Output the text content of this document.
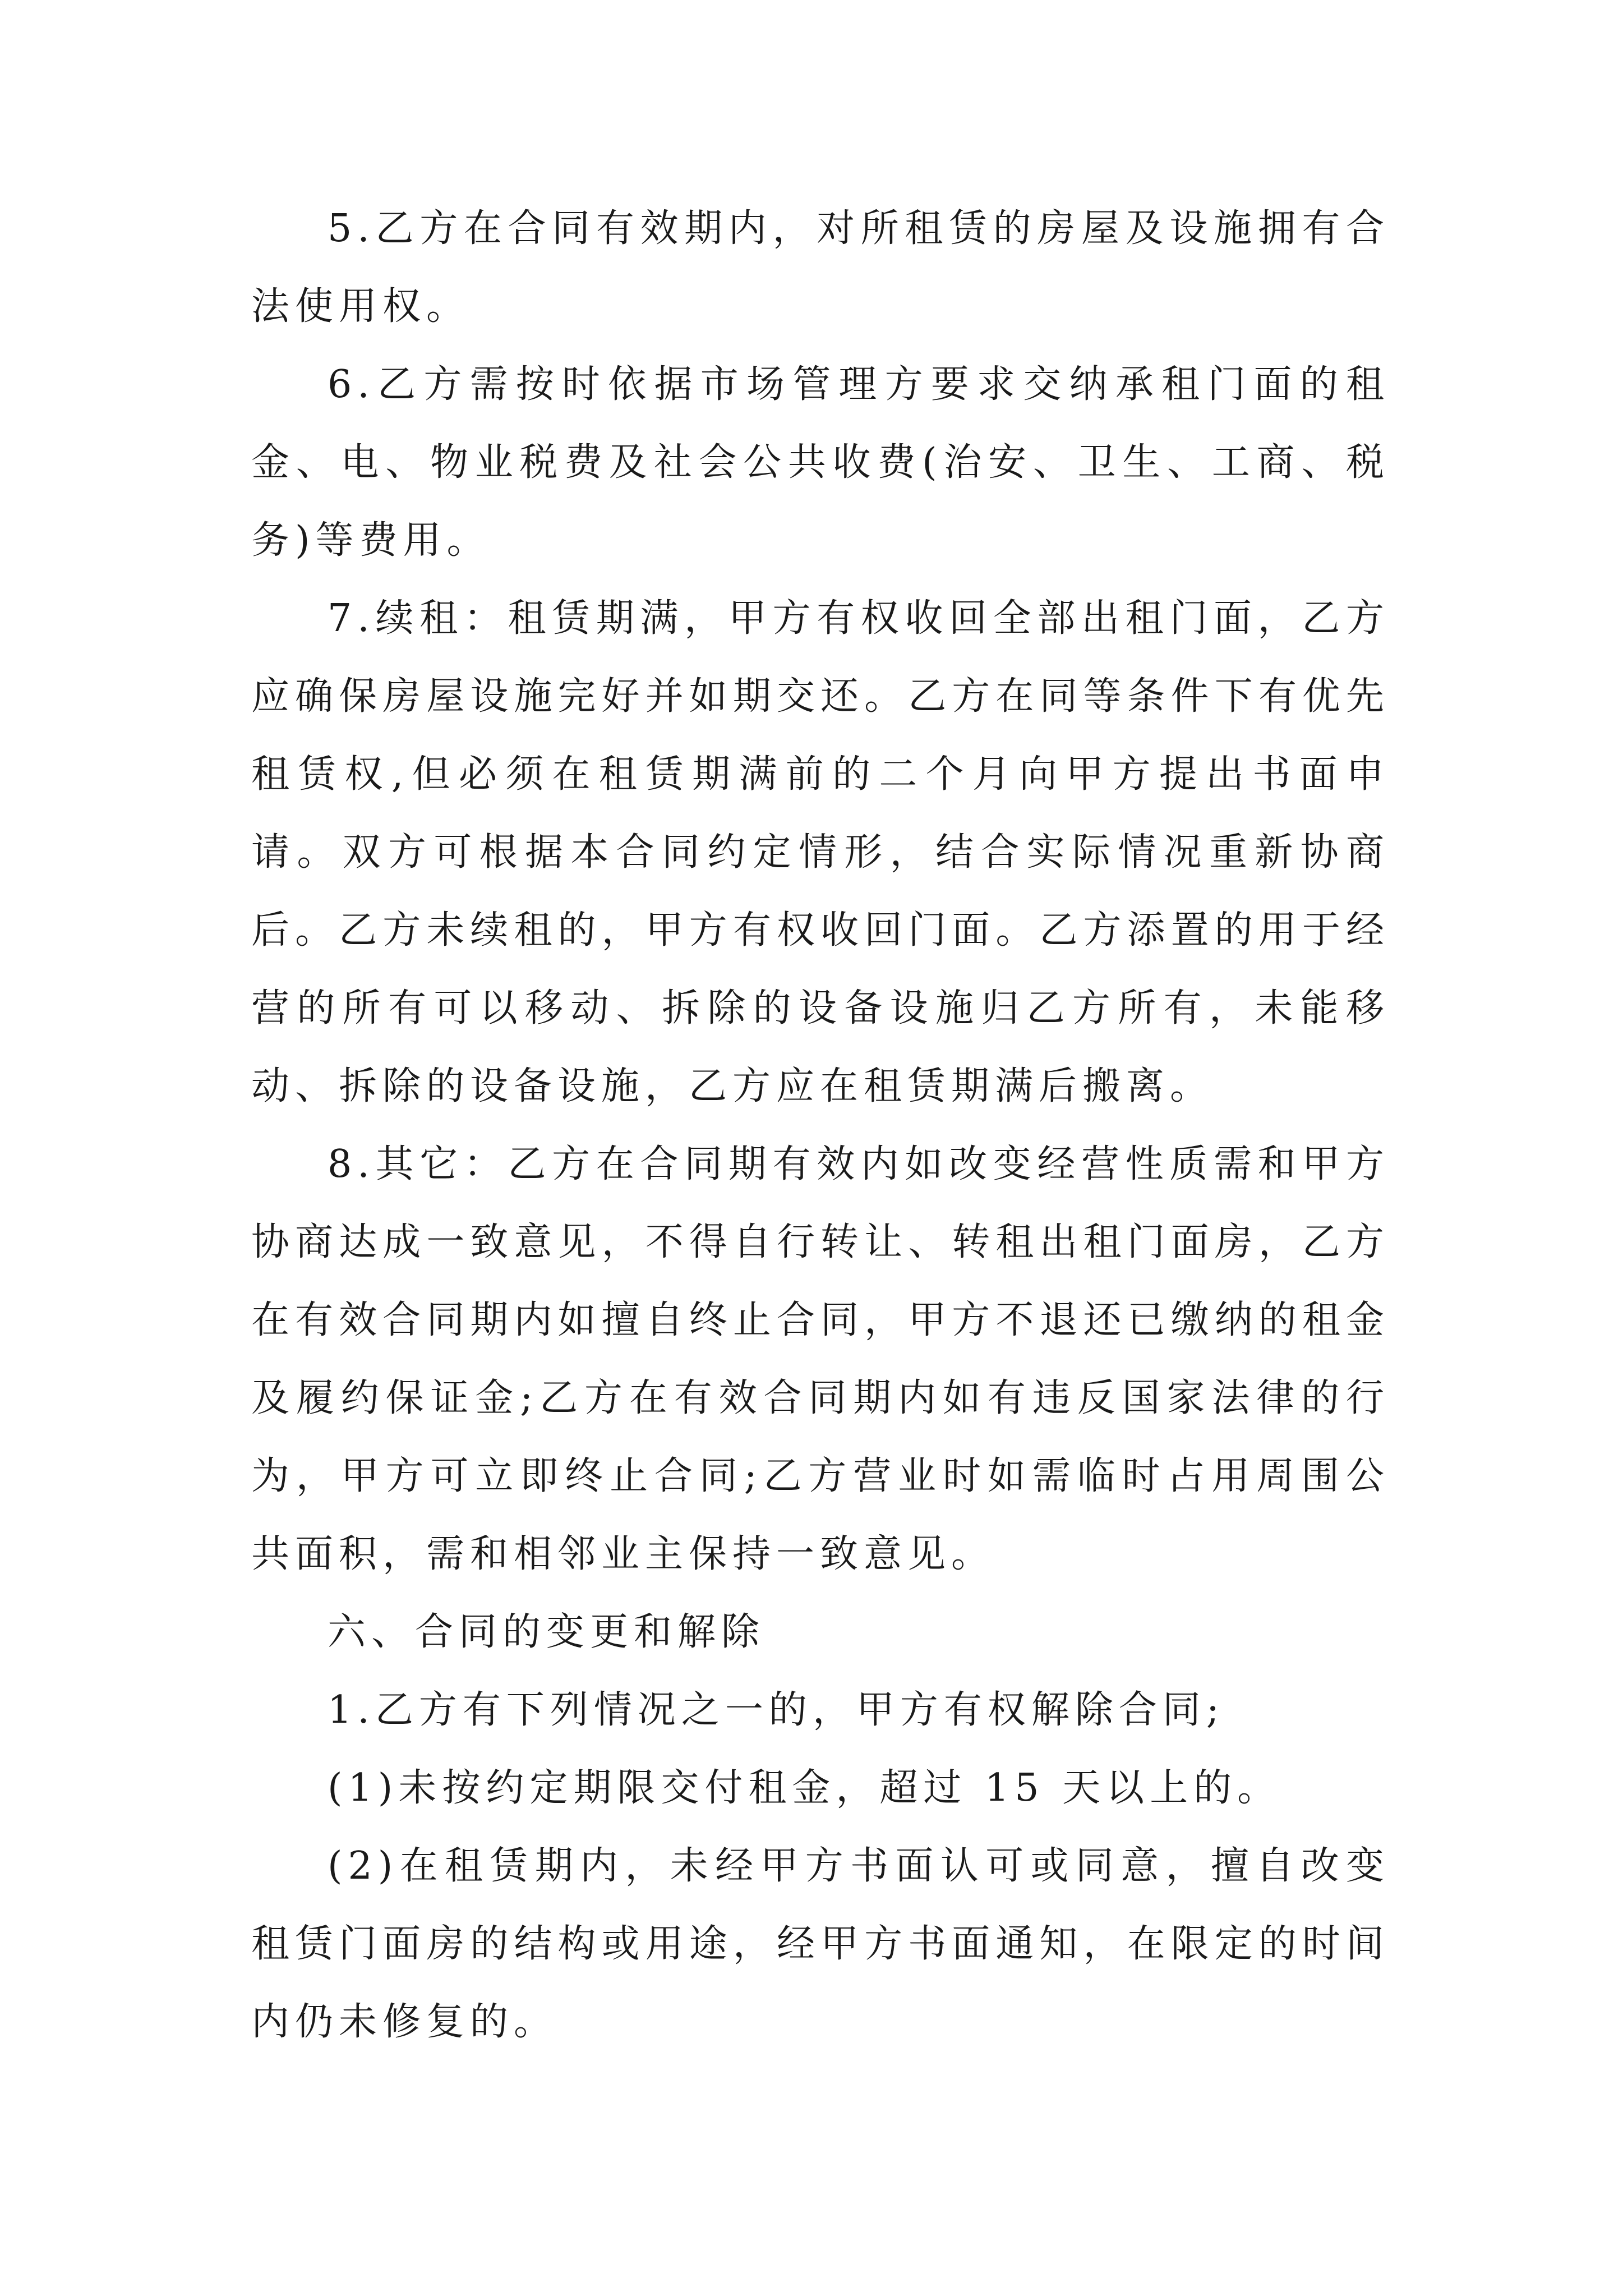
5.乙方在合同有效期内，对所租赁的房屋及设施拥有合法使用权。

6.乙方需按时依据市场管理方要求交纳承租门面的租金、电、物业税费及社会公共收费(治安、卫生、工商、税务)等费用。

7.续租：租赁期满，甲方有权收回全部出租门面，乙方应确保房屋设施完好并如期交还。乙方在同等条件下有优先租赁权,但必须在租赁期满前的二个月向甲方提出书面申请。双方可根据本合同约定情形，结合实际情况重新协商后。乙方未续租的，甲方有权收回门面。乙方添置的用于经营的所有可以移动、拆除的设备设施归乙方所有，未能移动、拆除的设备设施，乙方应在租赁期满后搬离。

8.其它：乙方在合同期有效内如改变经营性质需和甲方协商达成一致意见，不得自行转让、转租出租门面房，乙方在有效合同期内如擅自终止合同，甲方不退还已缴纳的租金及履约保证金;乙方在有效合同期内如有违反国家法律的行为，甲方可立即终止合同;乙方营业时如需临时占用周围公共面积，需和相邻业主保持一致意见。

六、合同的变更和解除

1.乙方有下列情况之一的，甲方有权解除合同;

(1)未按约定期限交付租金，超过 15 天以上的。

(2)在租赁期内，未经甲方书面认可或同意，擅自改变租赁门面房的结构或用途，经甲方书面通知，在限定的时间内仍未修复的。
